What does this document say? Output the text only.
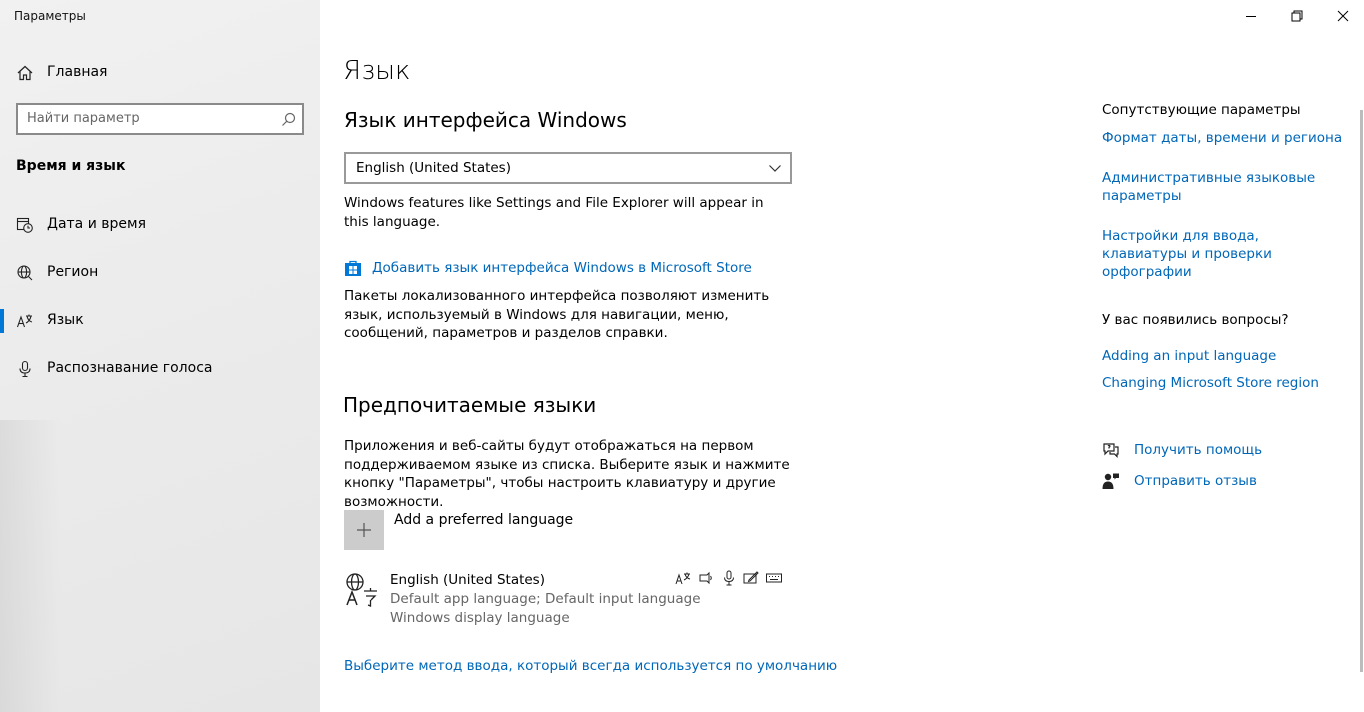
Параметры
Главная
Найти параметр
Время и язык
Дата и время
Регион
Язык
Распознавание голоса
Язык
Язык интерфейса Windows
English (United States)
Windows features like Settings and File Explorer will appear in this language.
Добавить язык интерфейса Windows в Microsoft Store
Пакеты локализованного интерфейса позволяют изменить язык, используемый в Windows для навигации, меню, сообщений, параметров и разделов справки.
Предпочитаемые языки
Приложения и веб-сайты будут отображаться на первом поддерживаемом языке из списка. Выберите язык и нажмите кнопку "Параметры", чтобы настроить клавиатуру и другие возможности.
Add a preferred language
English (United States)
Default app language; Default input language
Windows display language
Выберите метод ввода, который всегда используется по умолчанию
Сопутствующие параметры
Формат даты, времени и региона
Административные языковые параметры
Настройки для ввода, клавиатуры и проверки орфографии
У вас появились вопросы?
Adding an input language
Changing Microsoft Store region
Получить помощь
Отправить отзыв
